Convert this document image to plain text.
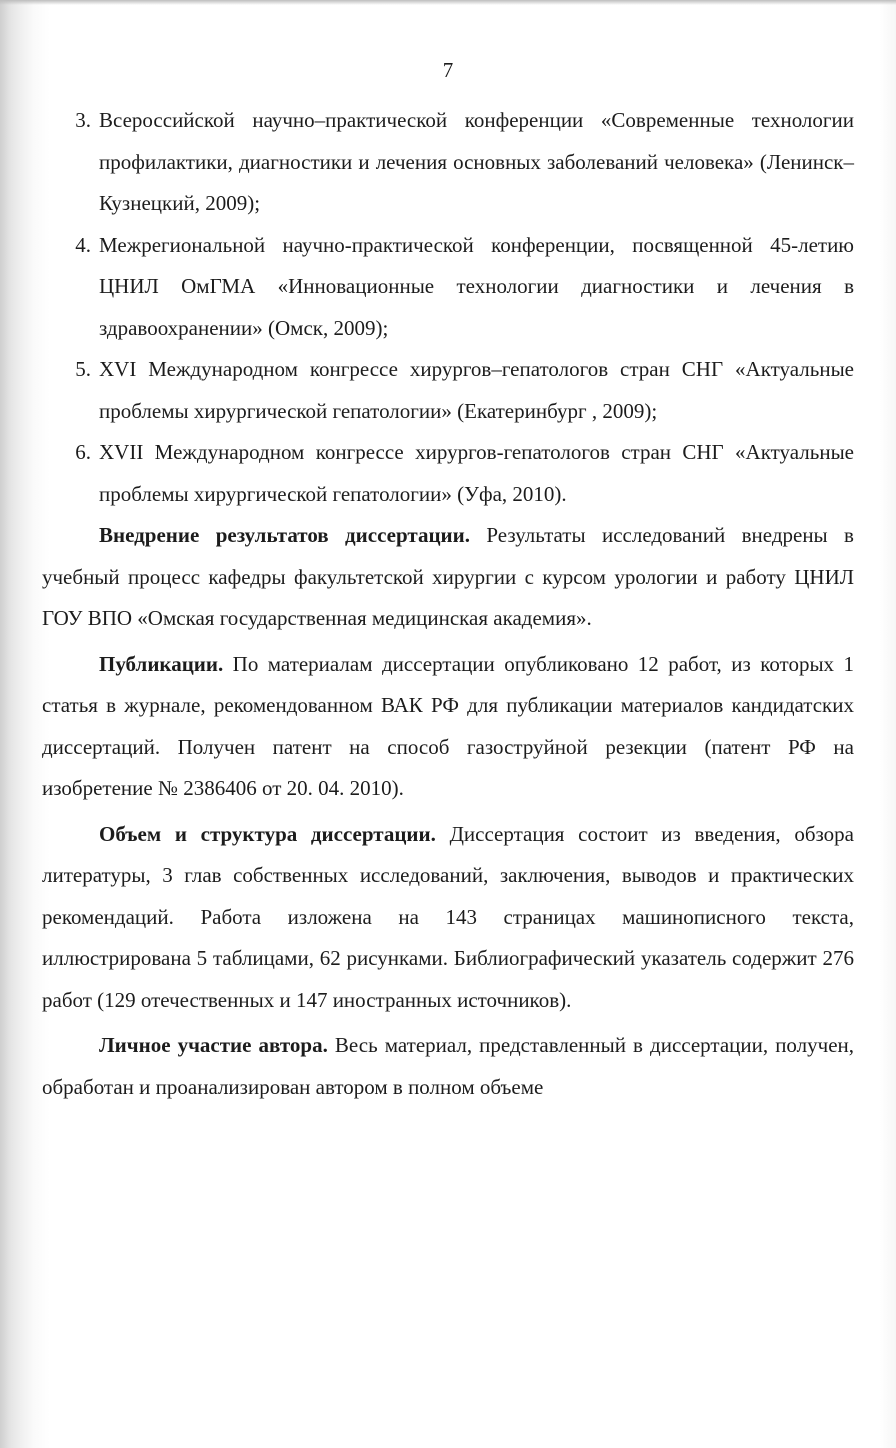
7
3. Всероссийской научно–практической конференции «Современные технологии профилактики, диагностики и лечения основных заболеваний человека» (Ленинск–Кузнецкий, 2009);
4. Межрегиональной научно-практической конференции, посвященной 45-летию ЦНИЛ ОмГМА «Инновационные технологии диагностики и лечения в здравоохранении» (Омск, 2009);
5. XVI Международном конгрессе хирургов–гепатологов стран СНГ «Актуальные проблемы хирургической гепатологии» (Екатеринбург , 2009);
6. XVII Международном конгрессе хирургов-гепатологов стран СНГ «Актуальные проблемы хирургической гепатологии» (Уфа, 2010).

Внедрение результатов диссертации. Результаты исследований внедрены в учебный процесс кафедры факультетской хирургии с курсом урологии и работу ЦНИЛ ГОУ ВПО «Омская государственная медицинская академия».

Публикации. По материалам диссертации опубликовано 12 работ, из которых 1 статья в журнале, рекомендованном ВАК РФ для публикации материалов кандидатских диссертаций. Получен патент на способ газоструйной резекции (патент РФ на изобретение № 2386406 от 20. 04. 2010).

Объем и структура диссертации. Диссертация состоит из введения, обзора литературы, 3 глав собственных исследований, заключения, выводов и практических рекомендаций. Работа изложена на 143 страницах машинописного текста, иллюстрирована 5 таблицами, 62 рисунками. Библиографический указатель содержит 276 работ (129 отечественных и 147 иностранных источников).

Личное участие автора. Весь материал, представленный в диссертации, получен, обработан и проанализирован автором в полном объеме
